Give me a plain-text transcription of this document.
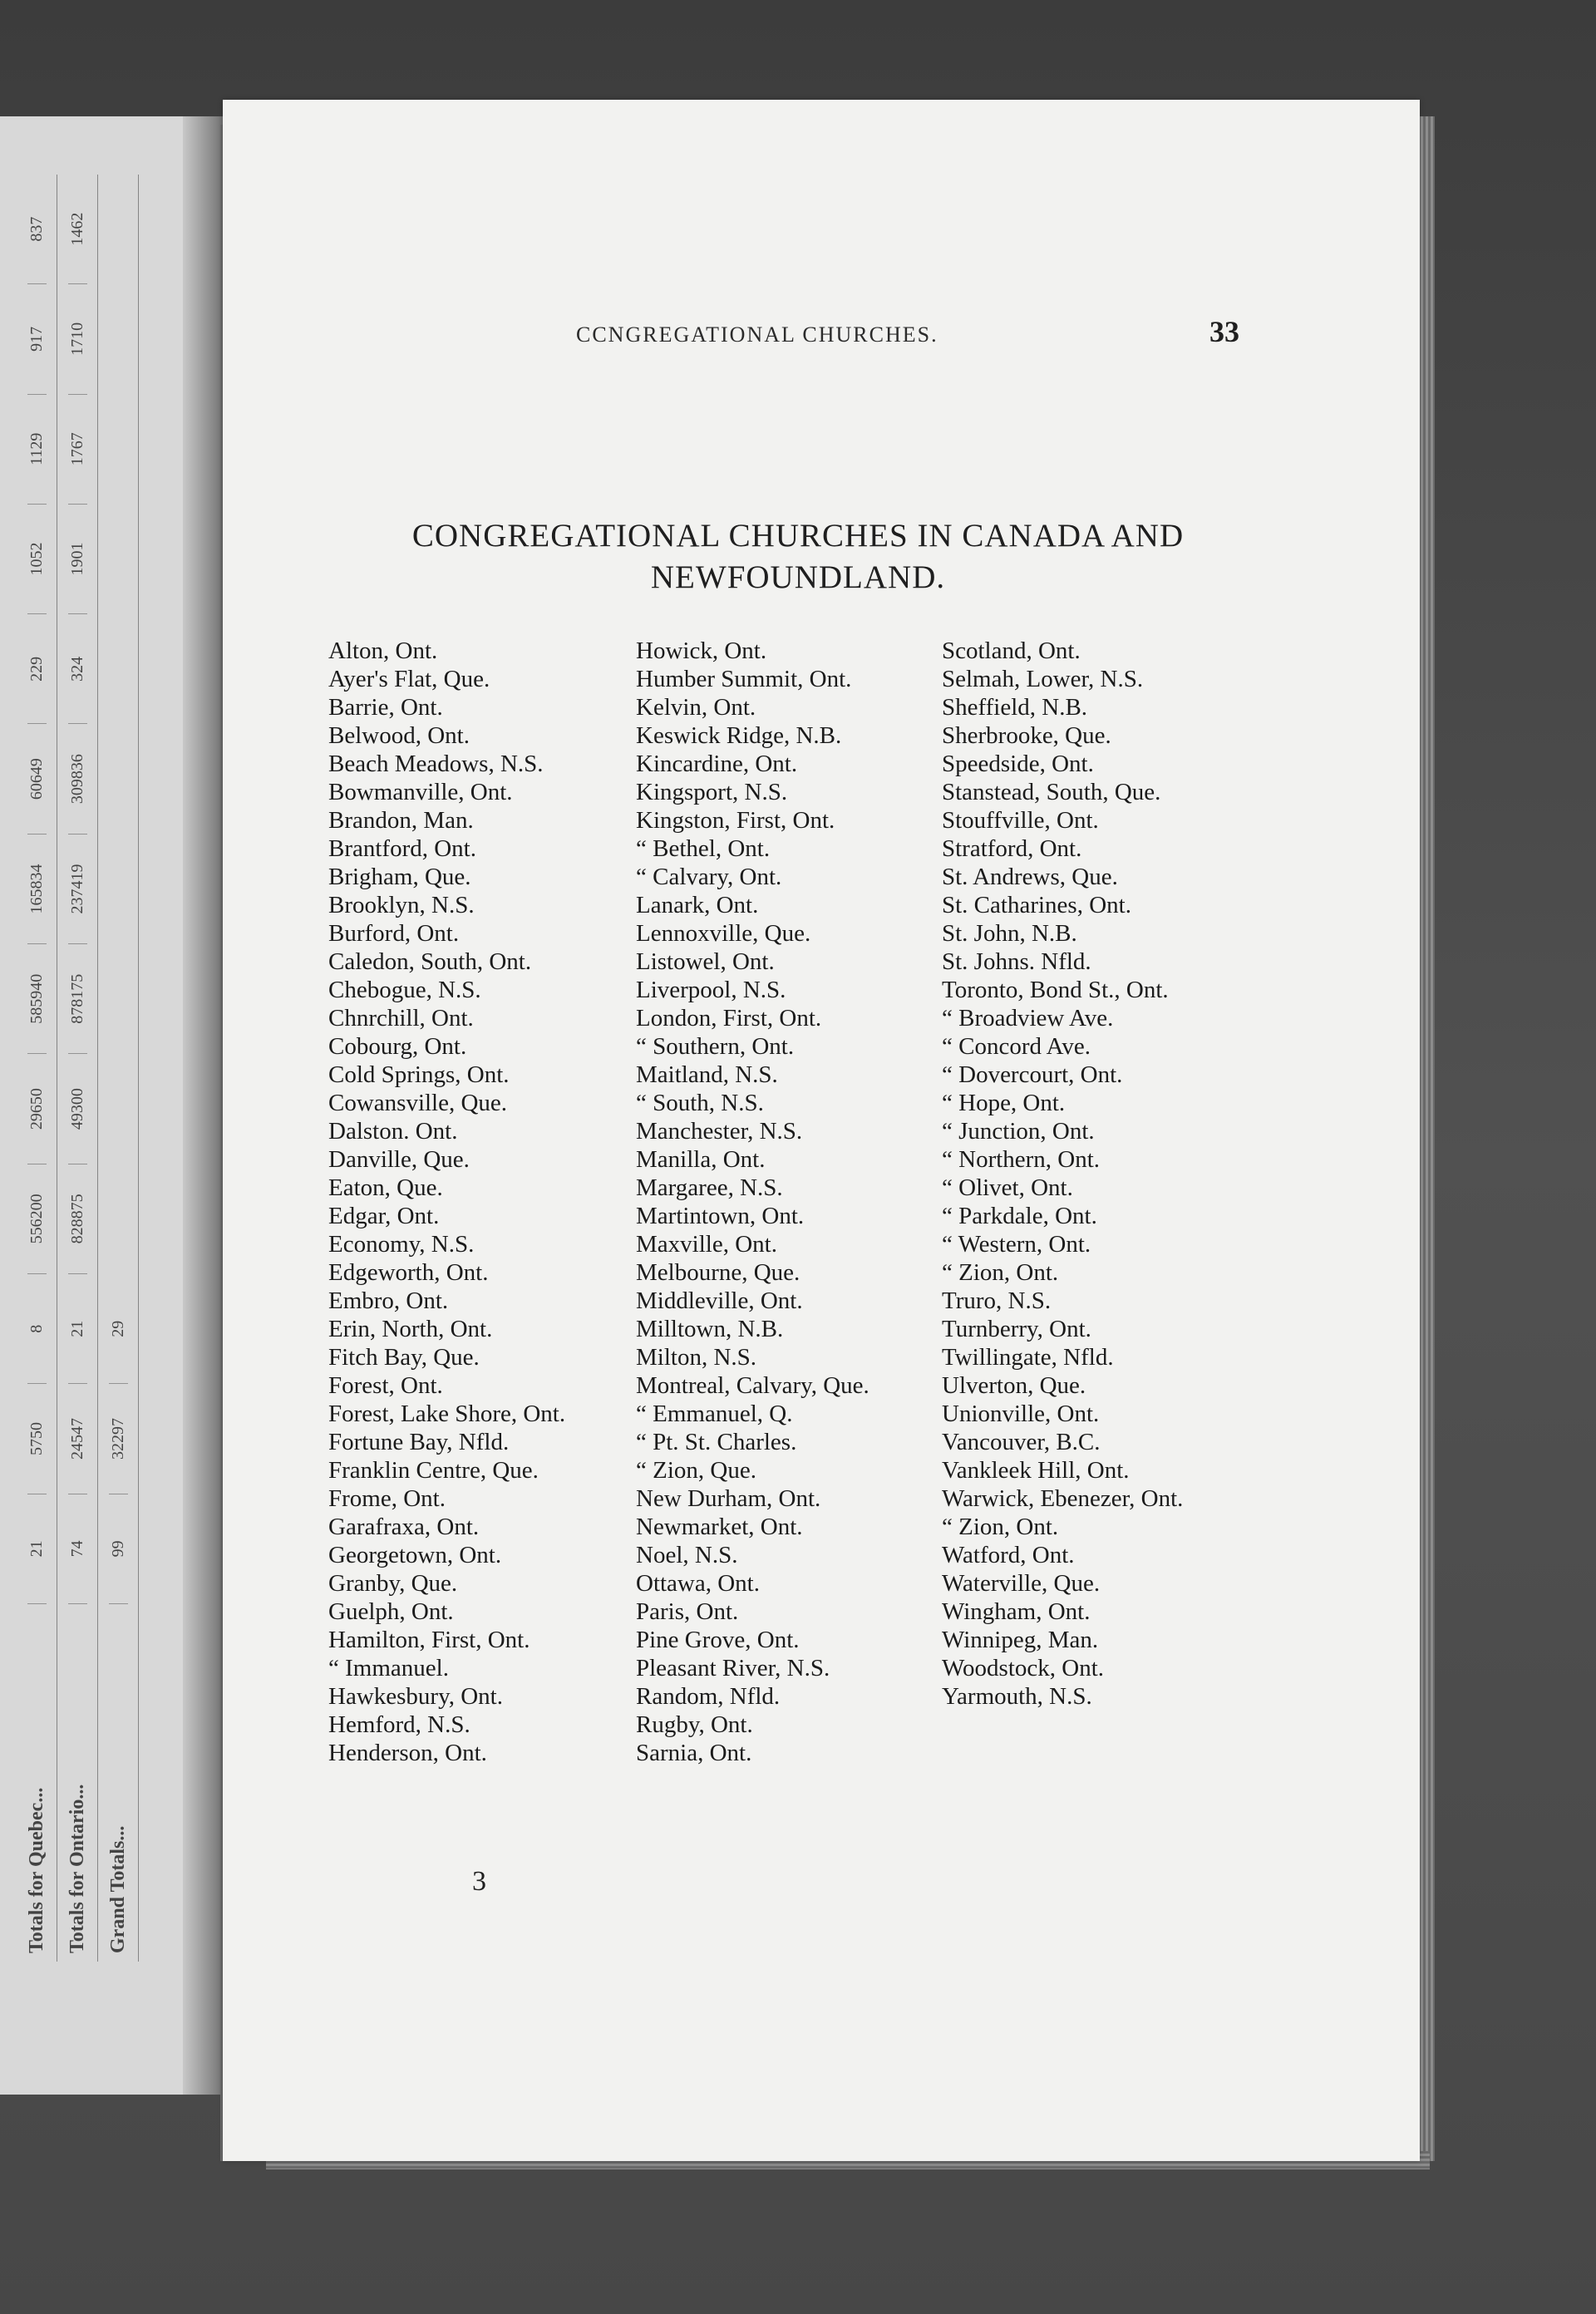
Totals for Quebec...
21
5750
8
556200
29650
585940
165834
60649
229
1052
1129
917
837
Totals for Ontario...
74
24547
21
828875
49300
878175
237419
309836
324
1901
1767
1710
1462
Grand Totals...
99
32297
29
CCNGREGATIONAL CHURCHES.	33
CONGREGATIONAL CHURCHES IN CANADA AND
NEWFOUNDLAND.
Alton, Ont.
Ayer's Flat, Que.
Barrie, Ont.
Belwood, Ont.
Beach Meadows, N.S.
Bowmanville, Ont.
Brandon, Man.
Brantford, Ont.
Brigham, Que.
Brooklyn, N.S.
Burford, Ont.
Caledon, South, Ont.
Chebogue, N.S.
Chnrchill, Ont.
Cobourg, Ont.
Cold Springs, Ont.
Cowansville, Que.
Dalston. Ont.
Danville, Que.
Eaton, Que.
Edgar, Ont.
Economy, N.S.
Edgeworth, Ont.
Embro, Ont.
Erin, North, Ont.
Fitch Bay, Que.
Forest, Ont.
Forest, Lake Shore, Ont.
Fortune Bay, Nfld.
Franklin Centre, Que.
Frome, Ont.
Garafraxa, Ont.
Georgetown, Ont.
Granby, Que.
Guelph, Ont.
Hamilton, First, Ont.
“ Immanuel.
Hawkesbury, Ont.
Hemford, N.S.
Henderson, Ont.
Howick, Ont.
Humber Summit, Ont.
Kelvin, Ont.
Keswick Ridge, N.B.
Kincardine, Ont.
Kingsport, N.S.
Kingston, First, Ont.
“ Bethel, Ont.
“ Calvary, Ont.
Lanark, Ont.
Lennoxville, Que.
Listowel, Ont.
Liverpool, N.S.
London, First, Ont.
“ Southern, Ont.
Maitland, N.S.
“ South, N.S.
Manchester, N.S.
Manilla, Ont.
Margaree, N.S.
Martintown, Ont.
Maxville, Ont.
Melbourne, Que.
Middleville, Ont.
Milltown, N.B.
Milton, N.S.
Montreal, Calvary, Que.
“ Emmanuel, Q.
“ Pt. St. Charles.
“ Zion, Que.
New Durham, Ont.
Newmarket, Ont.
Noel, N.S.
Ottawa, Ont.
Paris, Ont.
Pine Grove, Ont.
Pleasant River, N.S.
Random, Nfld.
Rugby, Ont.
Sarnia, Ont.
Scotland, Ont.
Selmah, Lower, N.S.
Sheffield, N.B.
Sherbrooke, Que.
Speedside, Ont.
Stanstead, South, Que.
Stouffville, Ont.
Stratford, Ont.
St. Andrews, Que.
St. Catharines, Ont.
St. John, N.B.
St. Johns. Nfld.
Toronto, Bond St., Ont.
“ Broadview Ave.
“ Concord Ave.
“ Dovercourt, Ont.
“ Hope, Ont.
“ Junction, Ont.
“ Northern, Ont.
“ Olivet, Ont.
“ Parkdale, Ont.
“ Western, Ont.
“ Zion, Ont.
Truro, N.S.
Turnberry, Ont.
Twillingate, Nfld.
Ulverton, Que.
Unionville, Ont.
Vancouver, B.C.
Vankleek Hill, Ont.
Warwick, Ebenezer, Ont.
“ Zion, Ont.
Watford, Ont.
Waterville, Que.
Wingham, Ont.
Winnipeg, Man.
Woodstock, Ont.
Yarmouth, N.S.
3
